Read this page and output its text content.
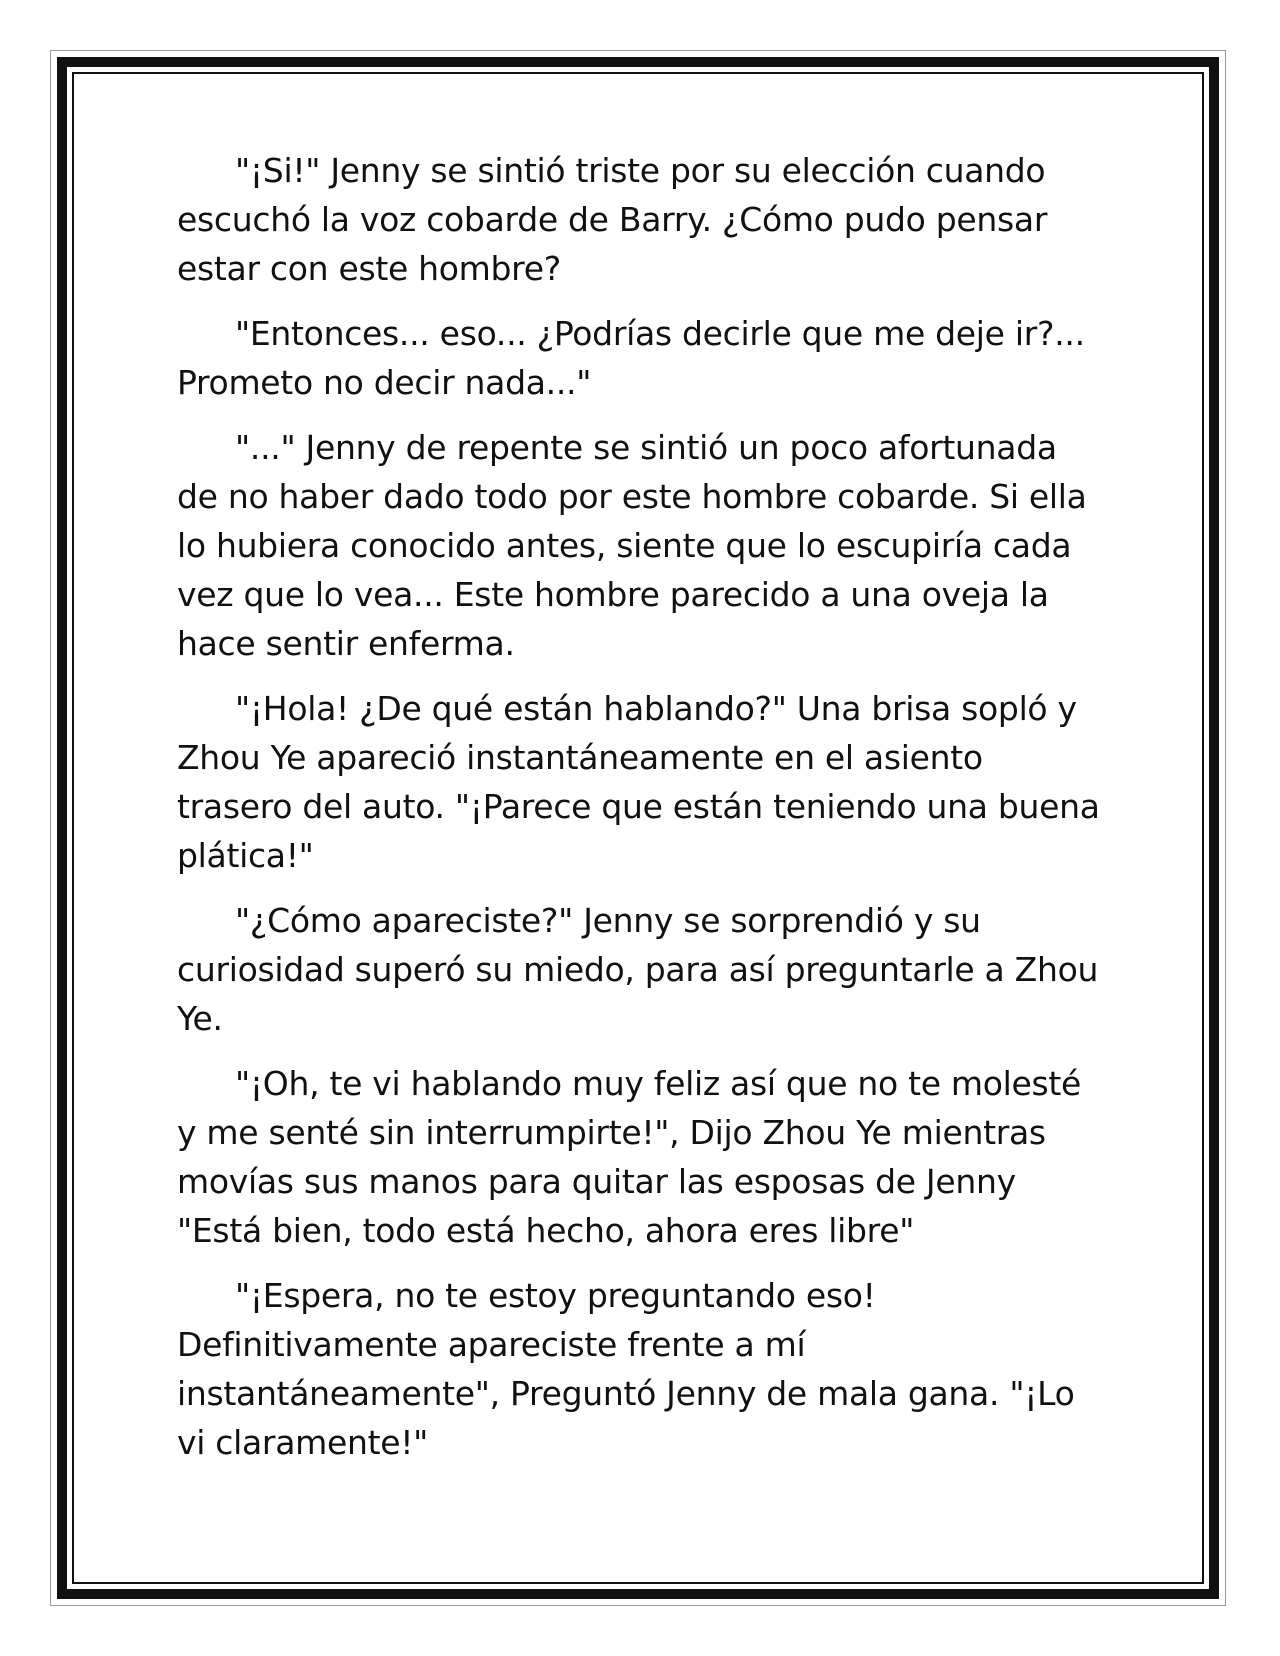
"¡Si!" Jenny se sintió triste por su elección cuando escuchó la voz cobarde de Barry. ¿Cómo pudo pensar estar con este hombre?

"Entonces... eso... ¿Podrías decirle que me deje ir?... Prometo no decir nada..."

"..." Jenny de repente se sintió un poco afortunada de no haber dado todo por este hombre cobarde. Si ella lo hubiera conocido antes, siente que lo escupiría cada vez que lo vea... Este hombre parecido a una oveja la hace sentir enferma.

"¡Hola! ¿De qué están hablando?" Una brisa sopló y Zhou Ye apareció instantáneamente en el asiento trasero del auto. "¡Parece que están teniendo una buena plática!"

"¿Cómo apareciste?" Jenny se sorprendió y su curiosidad superó su miedo, para así preguntarle a Zhou Ye.

"¡Oh, te vi hablando muy feliz así que no te molesté y me senté sin interrumpirte!", Dijo Zhou Ye mientras movías sus manos para quitar las esposas de Jenny "Está bien, todo está hecho, ahora eres libre"

"¡Espera, no te estoy preguntando eso! Definitivamente apareciste frente a mí instantáneamente", Preguntó Jenny de mala gana. "¡Lo vi claramente!"
